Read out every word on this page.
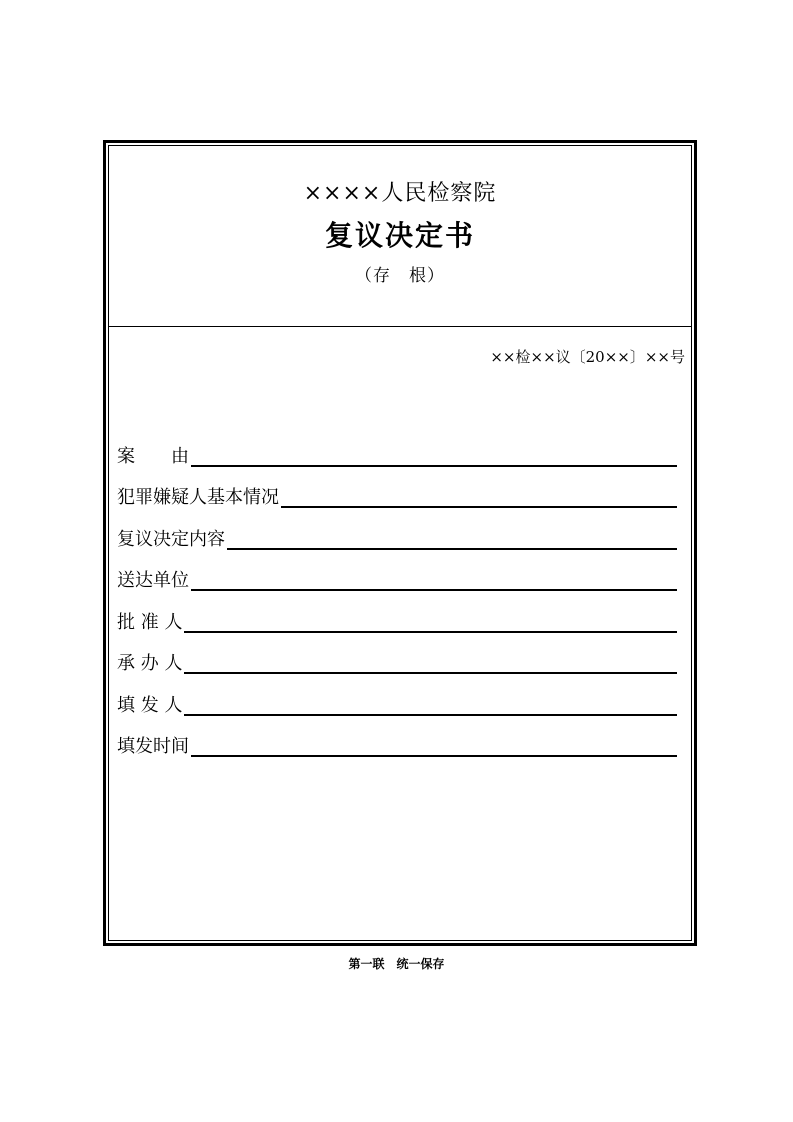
××××人民检察院
复议决定书
（存　根）
××检××议〔20××〕××号
案　　由
犯罪嫌疑人基本情况
复议决定内容
送达单位
批 准 人
承 办 人
填 发 人
填发时间
第一联　统一保存
